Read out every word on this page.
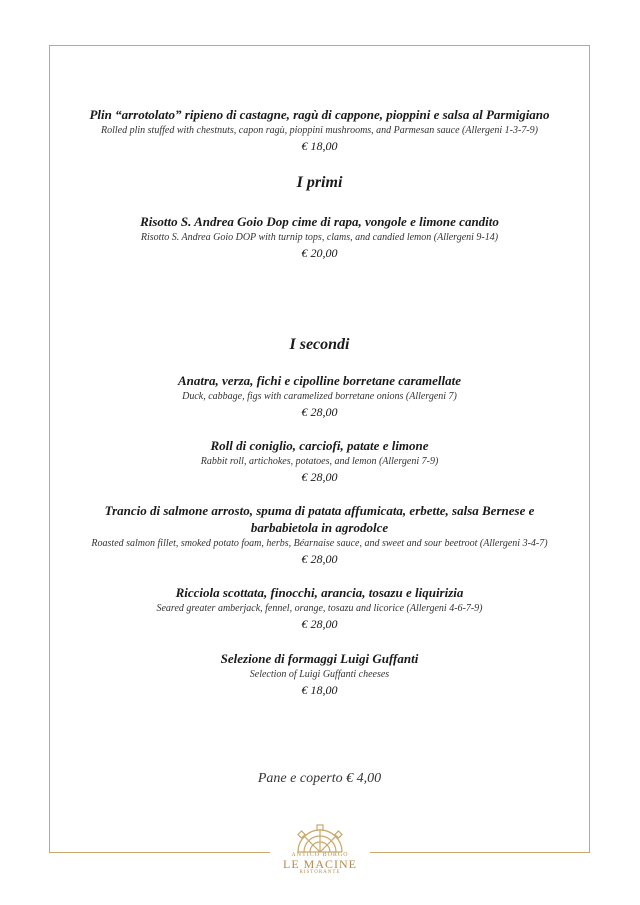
Plin “arrotolato” ripieno di castagne, ragù di cappone, pioppini e salsa al Parmigiano
Rolled plin stuffed with chestnuts, capon ragù, pioppini mushrooms, and Parmesan sauce (Allergeni 1-3-7-9)
€ 18,00
I primi
Risotto S. Andrea Goio Dop cime di rapa, vongole e limone candito
Risotto S. Andrea Goio DOP with turnip tops, clams, and candied lemon (Allergeni 9-14)
€ 20,00
I secondi
Anatra, verza, fichi e cipolline borretane caramellate
Duck, cabbage, figs with caramelized borretane onions (Allergeni 7)
€ 28,00
Roll di coniglio, carciofi, patate e limone
Rabbit roll, artichokes, potatoes, and lemon (Allergeni 7-9)
€ 28,00
Trancio di salmone arrosto, spuma di patata affumicata, erbette, salsa Bernese e
barbabietola in agrodolce
Roasted salmon fillet, smoked potato foam, herbs, Béarnaise sauce, and sweet and sour beetroot (Allergeni 3-4-7)
€ 28,00
Ricciola scottata, finocchi, arancia, tosazu e liquirizia
Seared greater amberjack, fennel, orange, tosazu and licorice (Allergeni 4-6-7-9)
€ 28,00
Selezione di formaggi Luigi Guffanti
Selection of Luigi Guffanti cheeses
€ 18,00
Pane e coperto € 4,00
ANTICO BORGO
LE MACINE
RISTORANTE
